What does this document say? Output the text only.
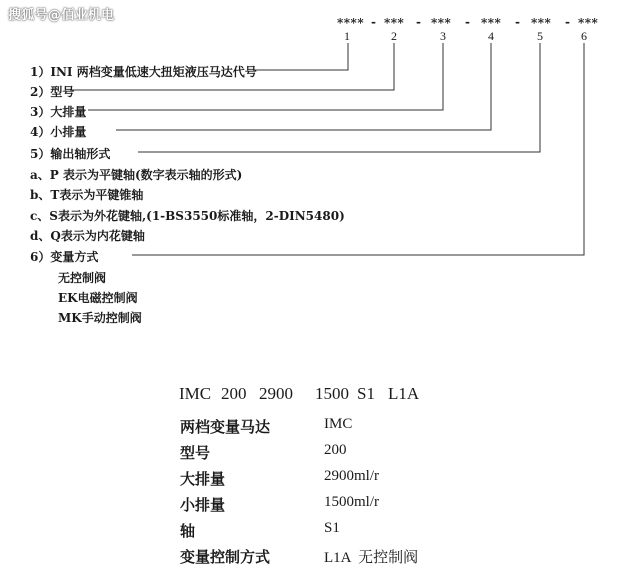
搜狐号@佰业机电	**** - *** - *** - *** - *** - ***
1	2	3	4	5	6
1）INI 两档变量低速大扭矩液压马达代号
2）型号
3）大排量
4）小排量
5）输出轴形式
a、P 表示为平键轴(数字表示轴的形式)
b、T表示为平键锥轴
c、S表示为外花键轴,(1-BS3550标准轴，2-DIN5480)
d、Q表示为内花键轴
6）变量方式
无控制阀
EK电磁控制阀
MK手动控制阀
IMC 200 2900 1500 S1 L1A
两档变量马达	IMC
型号	200
大排量	2900ml/r
小排量	1500ml/r
轴	S1
变量控制方式	L1A  无控制阀
